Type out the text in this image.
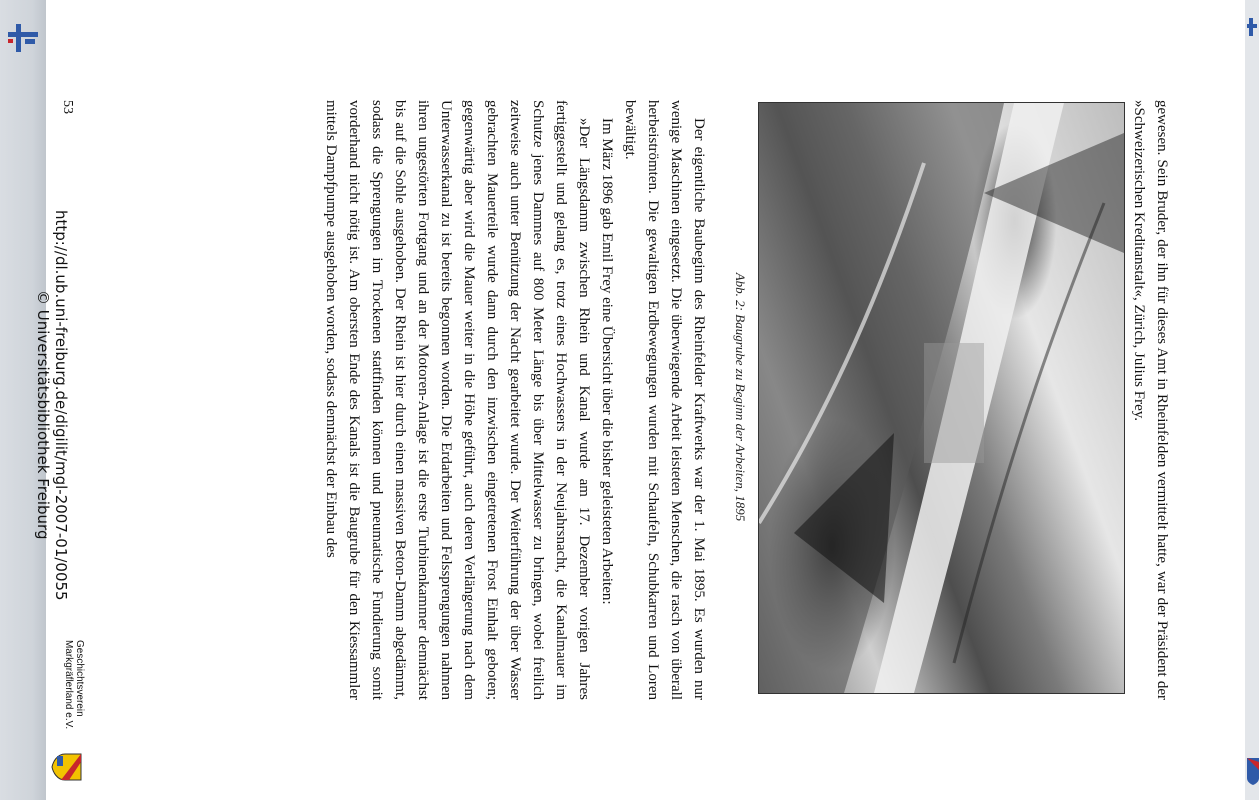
gewesen. Sein Bruder, der ihn für dieses Amt in Rheinfelden vermittelt hatte, war der Präsident der »Schweizerischen Kreditanstalt«, Zürich, Julius Frey.

Abb. 2: Baugrube zu Beginn der Arbeiten, 1895

Der eigentliche Baubeginn des Rheinfelder Kraftwerks war der 1. Mai 1895. Es wurden nur wenige Maschinen eingesetzt. Die überwiegende Arbeit leisteten Menschen, die rasch von überall herbeiströmten. Die gewaltigen Erdbewegungen wurden mit Schaufeln, Schubkarren und Loren bewältigt.

Im März 1896 gab Emil Frey eine Übersicht über die bisher geleisteten Arbeiten:

»Der Längsdamm zwischen Rhein und Kanal wurde am 17. Dezember vorigen Jahres fertiggestellt und gelang es, trotz eines Hochwassers in der Neujahrsnacht, die Kanalmauer im Schutze jenes Dammes auf 800 Meter Länge bis über Mittelwasser zu bringen, wobei freilich zeitweise auch unter Benützung der Nacht gearbeitet wurde. Der Weiterführung der über Wasser gebrachten Mauerteile wurde dann durch den inzwischen eingetretenen Frost Einhalt geboten; gegenwärtig aber wird die Mauer weiter in die Höhe geführt, auch deren Verlängerung nach dem Unterwasserkanal zu ist bereits begonnen worden. Die Erdarbeiten und Felssprengungen nahmen ihren ungestörten Fortgang und an der Motoren-Anlage ist die erste Turbinenkammer demnächst bis auf die Sohle ausgehoben. Der Rhein ist hier durch einen massiven Beton-Damm abgedämmt, sodass die Sprengungen im Trockenen stattfinden können und pneumatische Fundierung somit vorderhand nicht nötig ist. Am obersten Ende des Kanals ist die Baugrube für den Kiessammler mittels Dampfpumpe ausgehoben worden, sodass demnächst der Einbau des

53
Geschichtsverein
Markgräflerland e.V.
http://dl.ub.uni-freiburg.de/digilit/mgl-2007-01/0055
© Universitätsbibliothek Freiburg
